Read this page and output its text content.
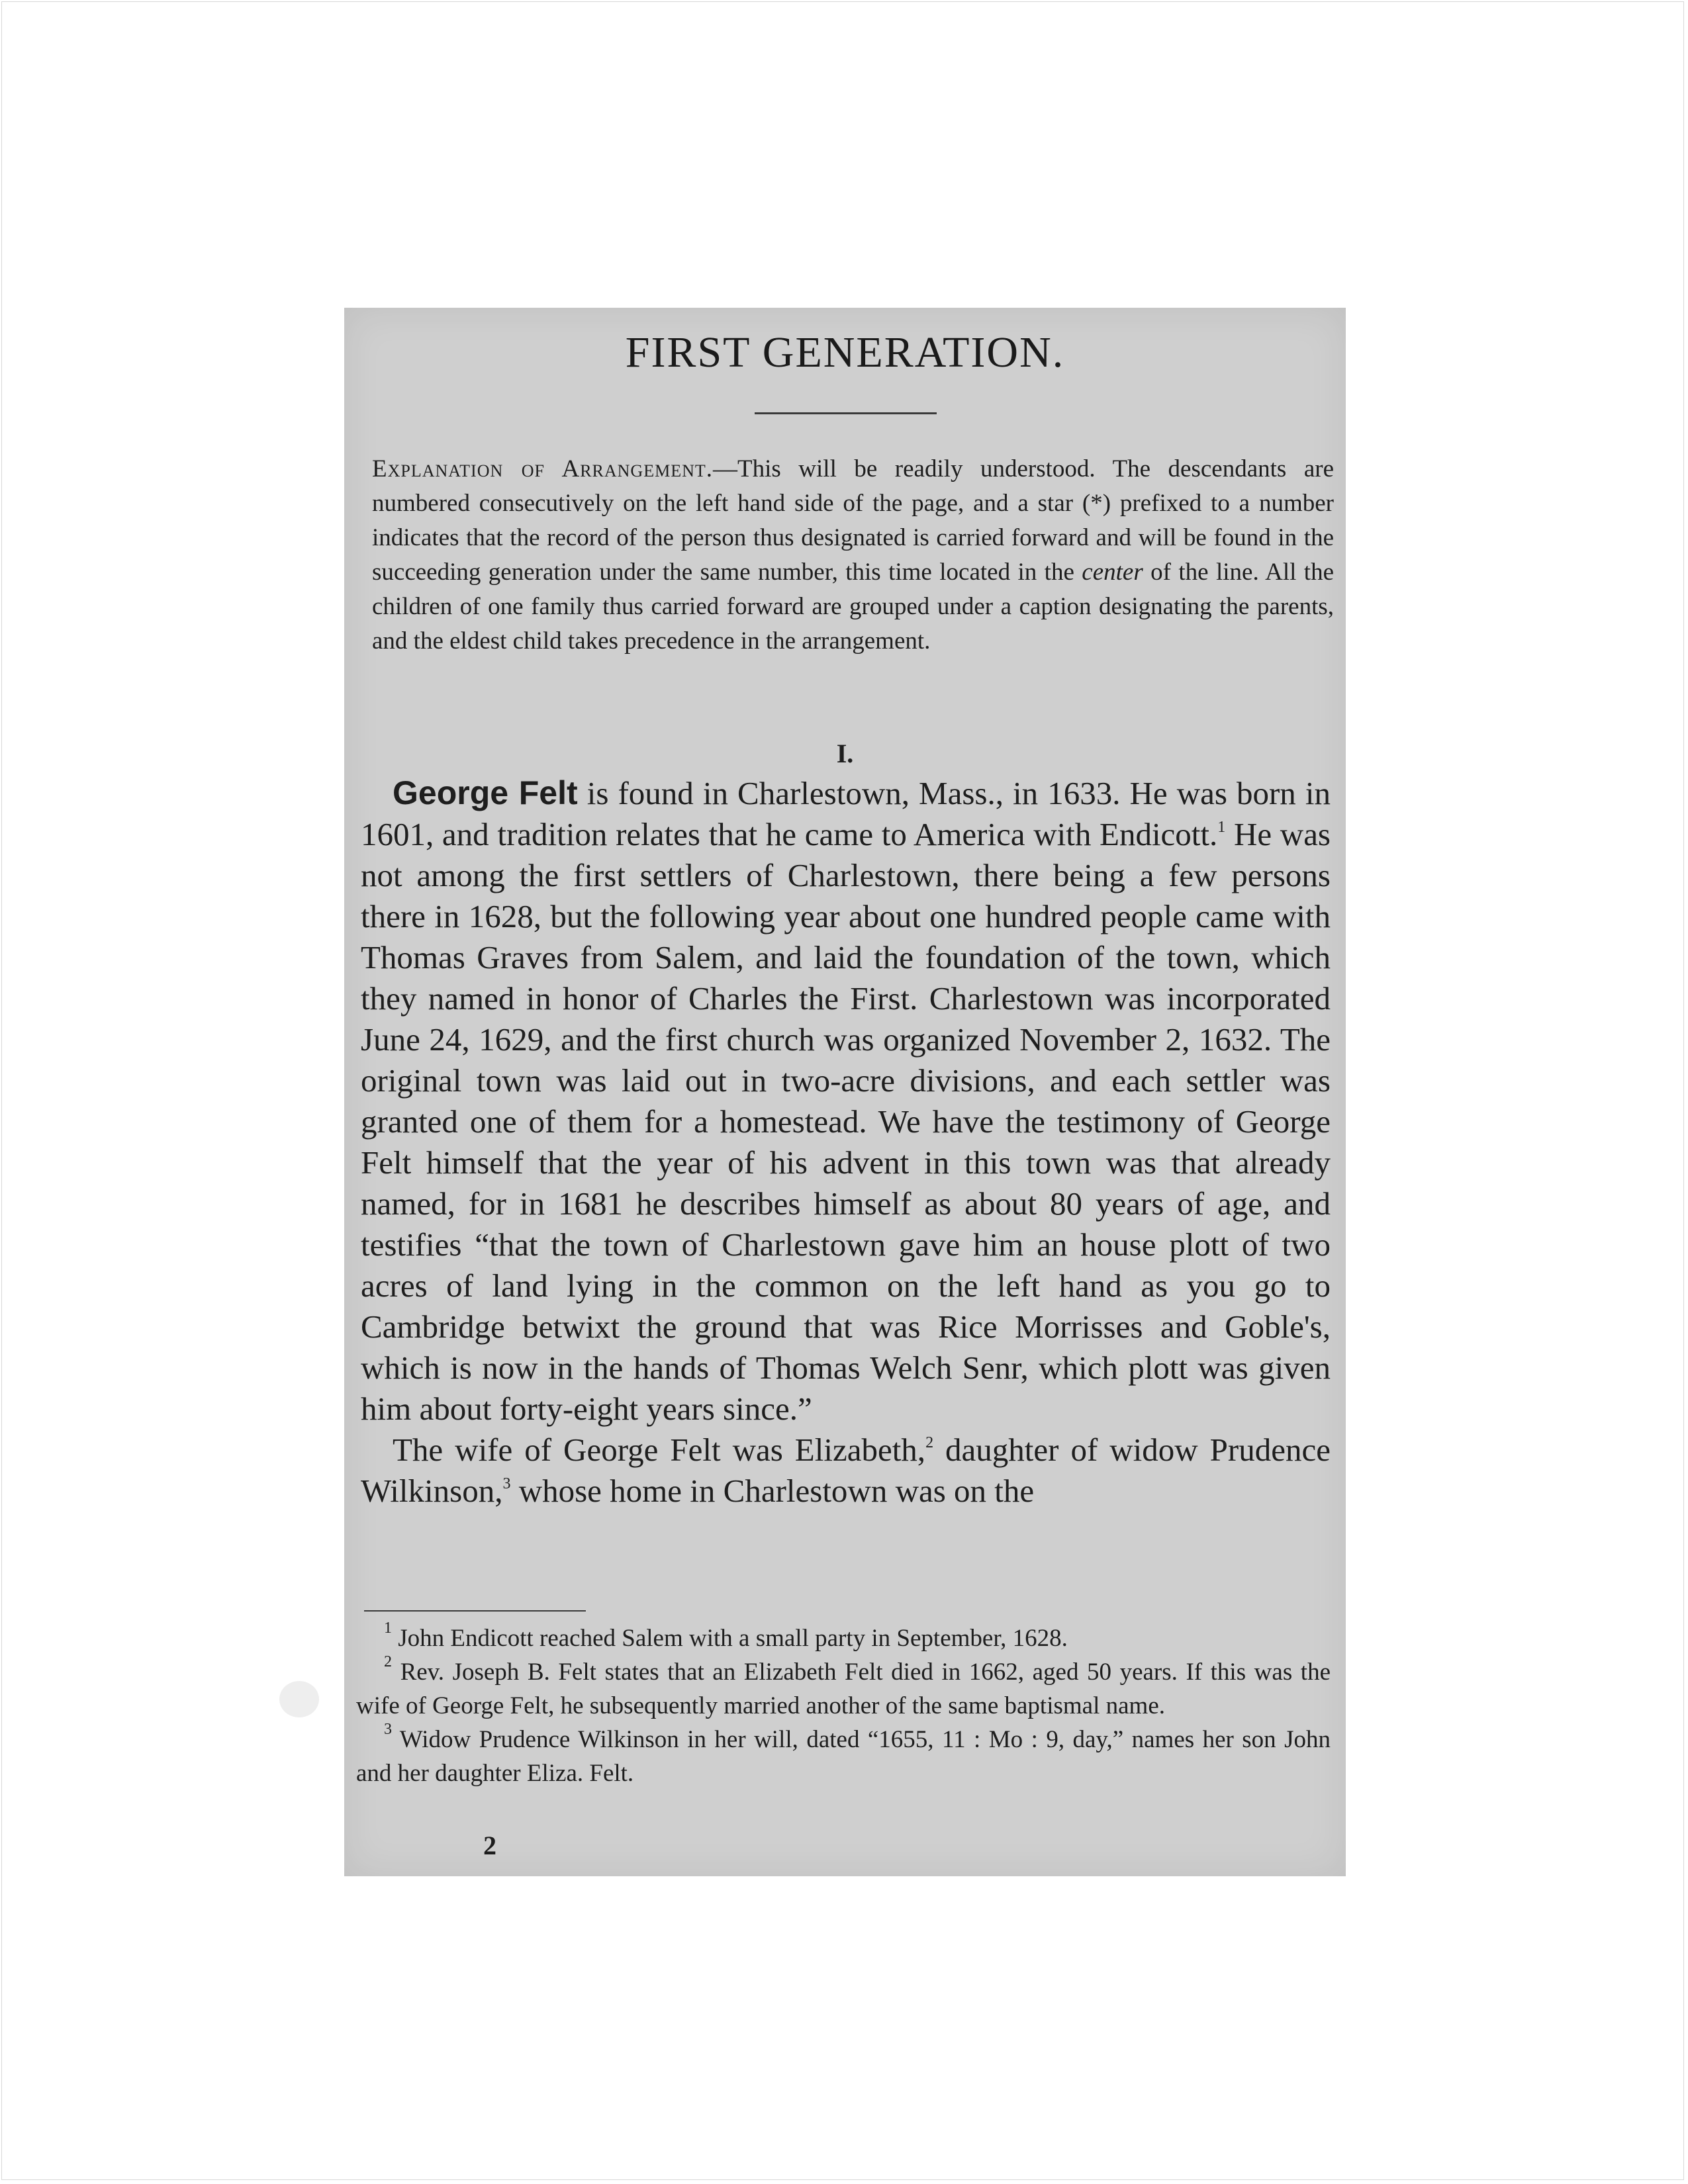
FIRST GENERATION.
Explanation of Arrangement.—This will be readily understood. The descendants are numbered consecutively on the left hand side of the page, and a star (*) prefixed to a number indicates that the record of the person thus designated is carried forward and will be found in the succeeding generation under the same number, this time located in the center of the line. All the children of one family thus carried forward are grouped under a caption designating the parents, and the eldest child takes precedence in the arrangement.
I.

George Felt is found in Charlestown, Mass., in 1633. He was born in 1601, and tradition relates that he came to America with Endicott.$^1$ He was not among the first settlers of Charlestown, there being a few persons there in 1628, but the following year about one hundred people came with Thomas Graves from Salem, and laid the foundation of the town, which they named in honor of Charles the First. Charlestown was incorporated June 24, 1629, and the first church was organized November 2, 1632. The original town was laid out in two-acre divisions, and each settler was granted one of them for a homestead. We have the testimony of George Felt himself that the year of his advent in this town was that already named, for in 1681 he describes himself as about 80 years of age, and testifies “that the town of Charlestown gave him an house plott of two acres of land lying in the common on the left hand as you go to Cambridge betwixt the ground that was Rice Morrisses and Goble's, which is now in the hands of Thomas Welch Senr, which plott was given him about forty-eight years since.”

The wife of George Felt was Elizabeth,$^2$ daughter of widow Prudence Wilkinson,$^3$ whose home in Charlestown was on the

$^1$ John Endicott reached Salem with a small party in September, 1628.

$^2$ Rev. Joseph B. Felt states that an Elizabeth Felt died in 1662, aged 50 years. If this was the wife of George Felt, he subsequently married another of the same baptismal name.

$^3$ Widow Prudence Wilkinson in her will, dated “1655, 11 : Mo : 9, day,” names her son John and her daughter Eliza. Felt.

2
